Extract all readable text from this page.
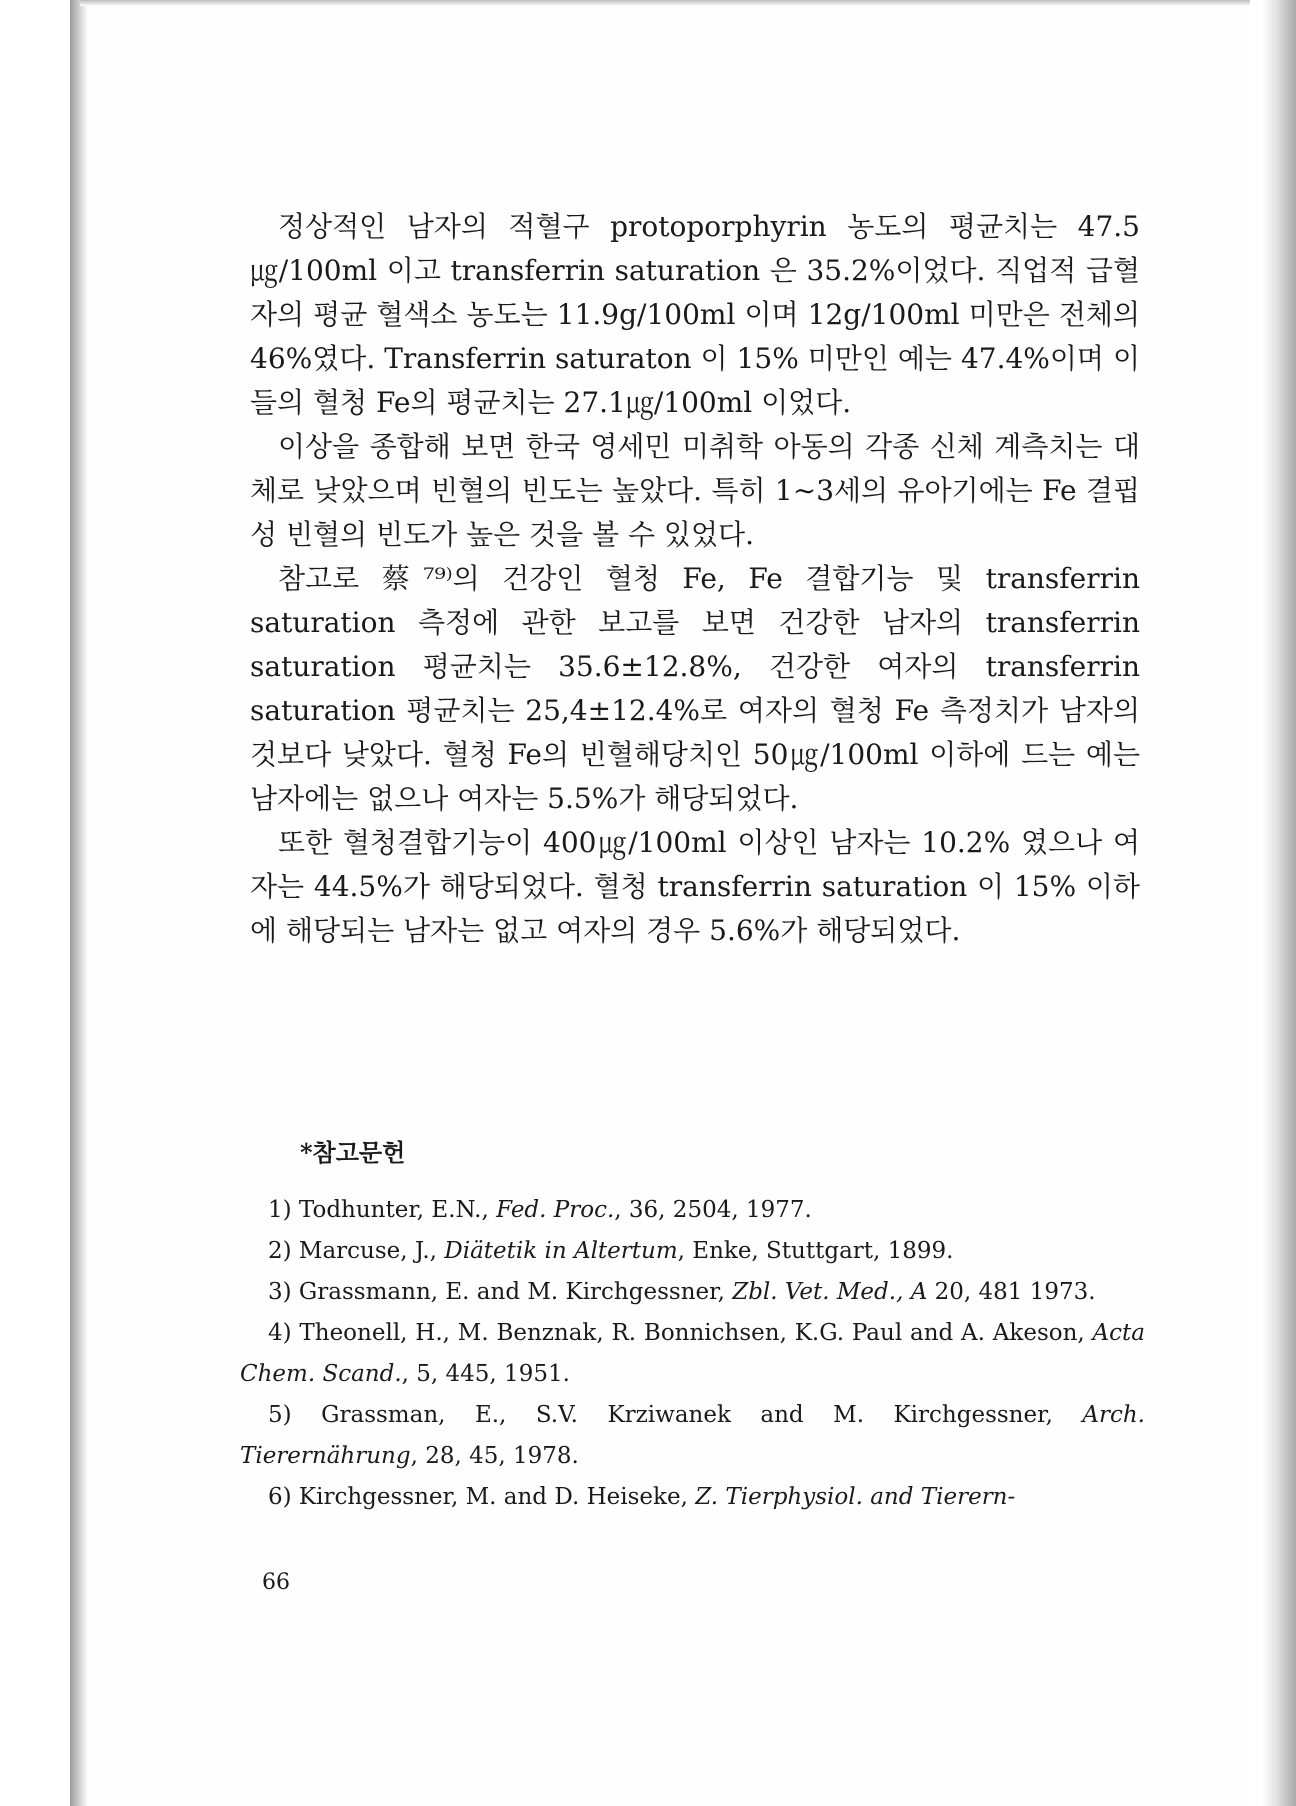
정상적인 남자의 적혈구 protoporphyrin 농도의 평균치는 47.5㎍/100ml 이고 transferrin saturation 은 35.2%이었다. 직업적 급혈자의 평균 혈색소 농도는 11.9g/100ml 이며 12g/100ml 미만은 전체의 46%였다. Transferrin saturaton 이 15% 미만인 예는 47.4%이며 이들의 혈청 Fe의 평균치는 27.1㎍/100ml 이었다.

이상을 종합해 보면 한국 영세민 미취학 아동의 각종 신체 계측치는 대체로 낮았으며 빈혈의 빈도는 높았다. 특히 1∼3세의 유아기에는 Fe 결핍성 빈혈의 빈도가 높은 것을 볼 수 있었다.

참고로 蔡⁷⁹⁾의 건강인 혈청 Fe, Fe 결합기능 및 transferrin saturation 측정에 관한 보고를 보면 건강한 남자의 transferrin saturation 평균치는 35.6±12.8%, 건강한 여자의 transferrin saturation 평균치는 25,4±12.4%로 여자의 혈청 Fe 측정치가 남자의 것보다 낮았다. 혈청 Fe의 빈혈해당치인 50㎍/100ml 이하에 드는 예는 남자에는 없으나 여자는 5.5%가 해당되었다.

또한 혈청결합기능이 400㎍/100ml 이상인 남자는 10.2% 였으나 여자는 44.5%가 해당되었다. 혈청 transferrin saturation 이 15% 이하에 해당되는 남자는 없고 여자의 경우 5.6%가 해당되었다.

*참고문헌

1) Todhunter, E.N., Fed. Proc., 36, 2504, 1977.

2) Marcuse, J., Diätetik in Altertum, Enke, Stuttgart, 1899.

3) Grassmann, E. and M. Kirchgessner, Zbl. Vet. Med., A 20, 481 1973.

4) Theonell, H., M. Benznak, R. Bonnichsen, K.G. Paul and A. Akeson, Acta Chem. Scand., 5, 445, 1951.

5) Grassman, E., S.V. Krziwanek and M. Kirchgessner, Arch. Tierernährung, 28, 45, 1978.

6) Kirchgessner, M. and D. Heiseke, Z. Tierphysiol. and Tierern-

66
